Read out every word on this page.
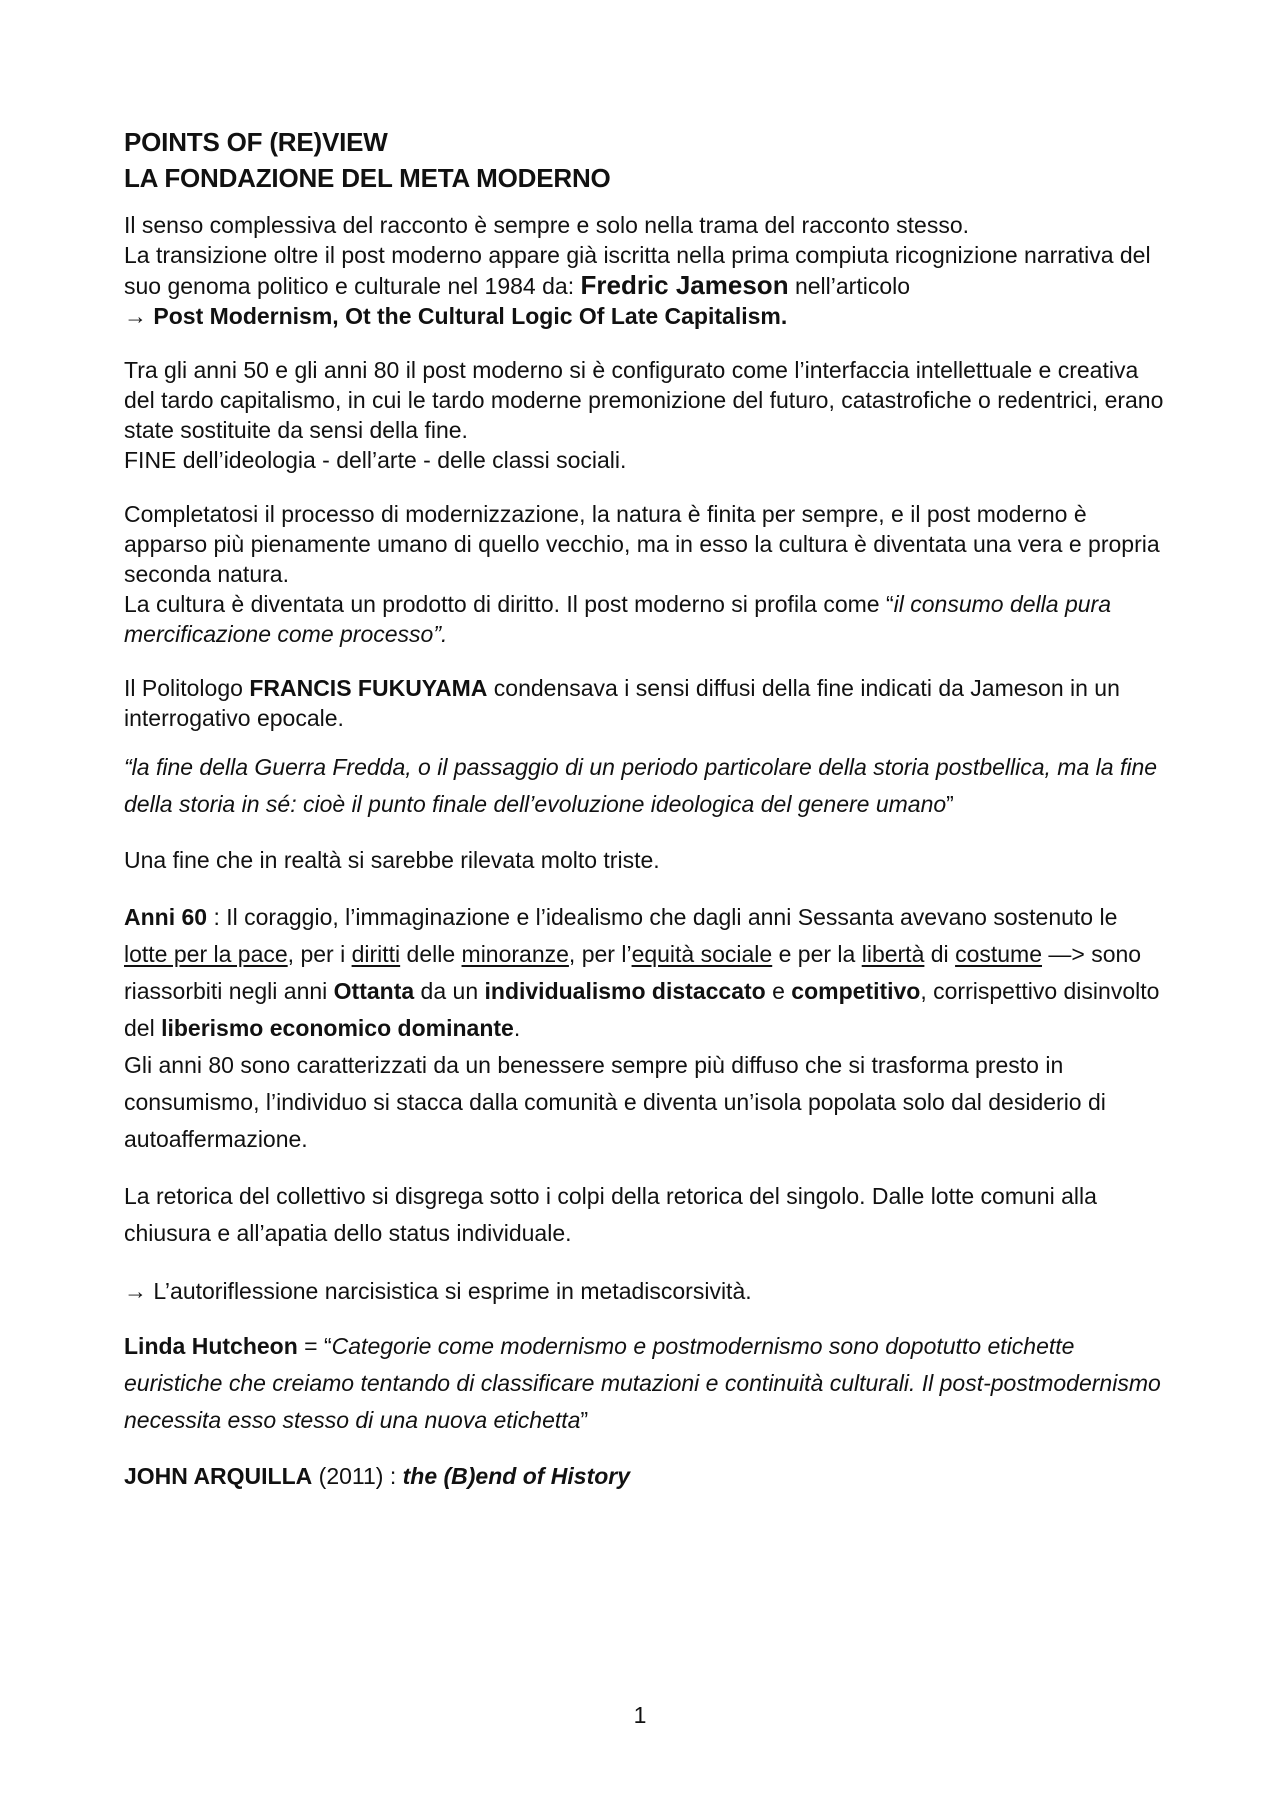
POINTS OF (RE)VIEW
LA FONDAZIONE DEL META MODERNO

Il senso complessiva del racconto è sempre e solo nella trama del racconto stesso.
La transizione oltre il post moderno appare già iscritta nella prima compiuta ricognizione narrativa del suo genoma politico e culturale nel 1984 da: Fredric Jameson nell’articolo
→ Post Modernism, Ot the Cultural Logic Of Late Capitalism.

Tra gli anni 50 e gli anni 80 il post moderno si è configurato come l’interfaccia intellettuale e creativa del tardo capitalismo, in cui le tardo moderne premonizione del futuro, catastrofiche o redentrici, erano state sostituite da sensi della fine.
FINE dell’ideologia - dell’arte - delle classi sociali.

Completatosi il processo di modernizzazione, la natura è finita per sempre, e il post moderno è apparso più pienamente umano di quello vecchio, ma in esso la cultura è diventata una vera e propria seconda natura.
La cultura è diventata un prodotto di diritto. Il post moderno si profila come “il consumo della pura mercificazione come processo”.

Il Politologo FRANCIS FUKUYAMA condensava i sensi diffusi della fine indicati da Jameson in un interrogativo epocale.

“la fine della Guerra Fredda, o il passaggio di un periodo particolare della storia postbellica, ma la fine della storia in sé: cioè il punto finale dell’evoluzione ideologica del genere umano”

Una fine che in realtà si sarebbe rilevata molto triste.

Anni 60 : Il coraggio, l’immaginazione e l’idealismo che dagli anni Sessanta avevano sostenuto le lotte per la pace, per i diritti delle minoranze, per l’equità sociale e per la libertà di costume —> sono riassorbiti negli anni Ottanta da un individualismo distaccato e competitivo, corrispettivo disinvolto del liberismo economico dominante.
Gli anni 80 sono caratterizzati da un benessere sempre più diffuso che si trasforma presto in consumismo, l’individuo si stacca dalla comunità e diventa un’isola popolata solo dal desiderio di autoaffermazione.

La retorica del collettivo si disgrega sotto i colpi della retorica del singolo. Dalle lotte comuni alla chiusura e all’apatia dello status individuale.

→ L’autoriflessione narcisistica si esprime in metadiscorsività.

Linda Hutcheon = “Categorie come modernismo e postmodernismo sono dopotutto etichette euristiche che creiamo tentando di classificare mutazioni e continuità culturali. Il post-postmodernismo necessita esso stesso di una nuova etichetta”

JOHN ARQUILLA (2011) : the (B)end of History

1
